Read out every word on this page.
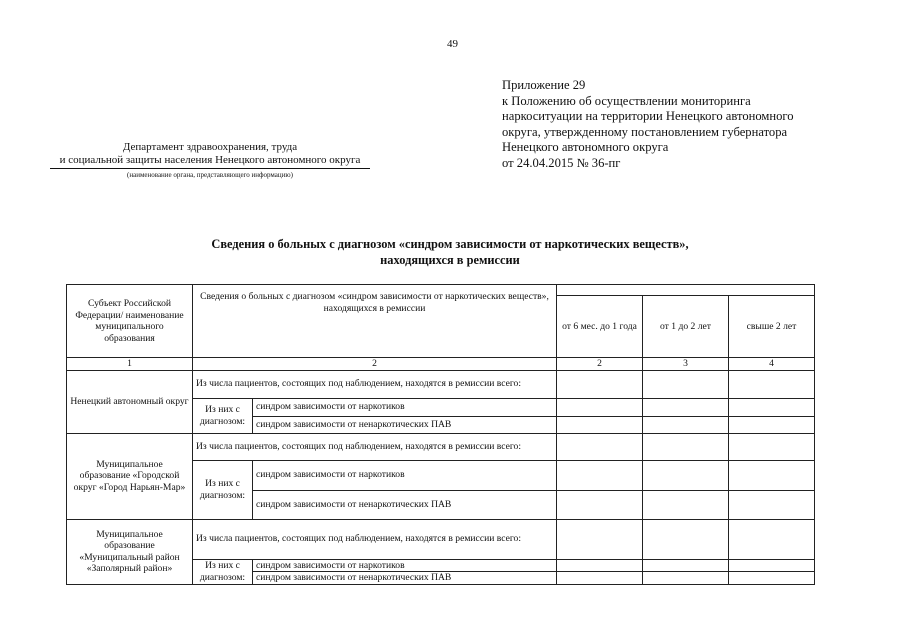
49
Приложение 29
к Положению об осуществлении мониторинга
наркоситуации на территории Ненецкого автономного
округа, утвержденному постановлением губернатора
Ненецкого автономного округа
от 24.04.2015 № 36-пг
Департамент здравоохранения, труда
и социальной защиты населения Ненецкого автономного округа
(наименование органа, представляющего информацию)
Сведения о больных с диагнозом «синдром зависимости от наркотических веществ»,
находящихся в ремиссии
Субъект Российской Федерации/ наименование муниципального образования	Сведения о больных с диагнозом «синдром зависимости от наркотических веществ», находящихся в ремиссии				
			от 6 мес. до 1 года	от 1 до 2 лет	свыше 2 лет
1	2		2	3	4
Ненецкий автономный округ	Из числа пациентов, состоящих под наблюдением, находятся в ремиссии всего:				
	Из них с диагнозом:	синдром зависимости от наркотиков			
		синдром зависимости от ненаркотических ПАВ			
Муниципальное образование «Городской округ «Город Нарьян-Мар»	Из числа пациентов, состоящих под наблюдением, находятся в ремиссии всего:				
	Из них с диагнозом:	синдром зависимости от наркотиков			
		синдром зависимости от ненаркотических ПАВ			
Муниципальное образование «Муниципальный район «Заполярный район»	Из числа пациентов, состоящих под наблюдением, находятся в ремиссии всего:				
	Из них с диагнозом:	синдром зависимости от наркотиков			
		синдром зависимости от ненаркотических ПАВ			
